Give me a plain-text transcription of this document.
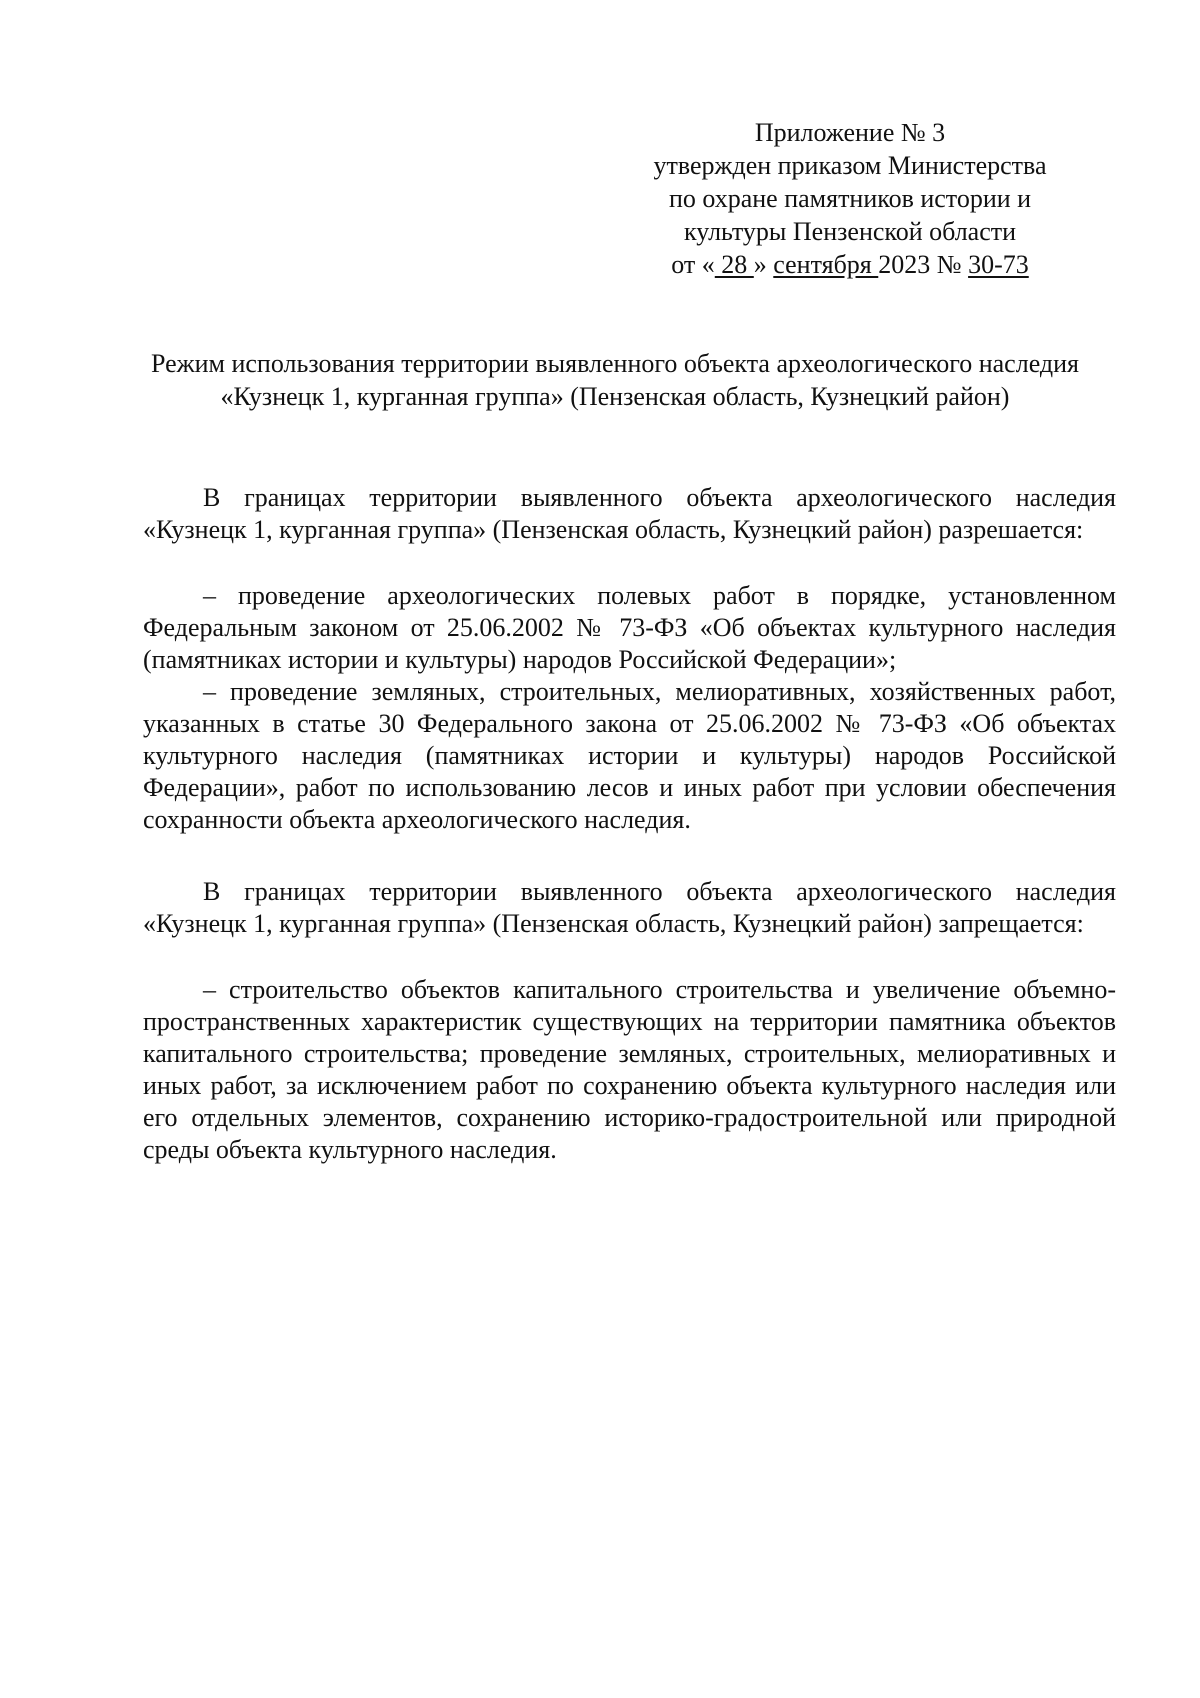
Приложение № 3
утвержден приказом Министерства
по охране памятников истории и
культуры Пензенской области
от « 28 » сентября 2023 № 30-73
Режим использования территории выявленного объекта археологического наследия «Кузнецк 1, курганная группа» (Пензенская область, Кузнецкий район)

В границах территории выявленного объекта археологического наследия «Кузнецк 1, курганная группа» (Пензенская область, Кузнецкий район) разрешается:

– проведение археологических полевых работ в порядке, установленном Федеральным законом от 25.06.2002 № 73-ФЗ «Об объектах культурного наследия (памятниках истории и культуры) народов Российской Федерации»;

– проведение земляных, строительных, мелиоративных, хозяйственных работ, указанных в статье 30 Федерального закона от 25.06.2002 № 73-ФЗ «Об объектах культурного наследия (памятниках истории и культуры) народов Российской Федерации», работ по использованию лесов и иных работ при условии обеспечения сохранности объекта археологического наследия.

В границах территории выявленного объекта археологического наследия «Кузнецк 1, курганная группа» (Пензенская область, Кузнецкий район) запрещается:

– строительство объектов капитального строительства и увеличение объемно-пространственных характеристик существующих на территории памятника объектов капитального строительства; проведение земляных, строительных, мелиоративных и иных работ, за исключением работ по сохранению объекта культурного наследия или его отдельных элементов, сохранению историко-градостроительной или природной среды объекта культурного наследия.
